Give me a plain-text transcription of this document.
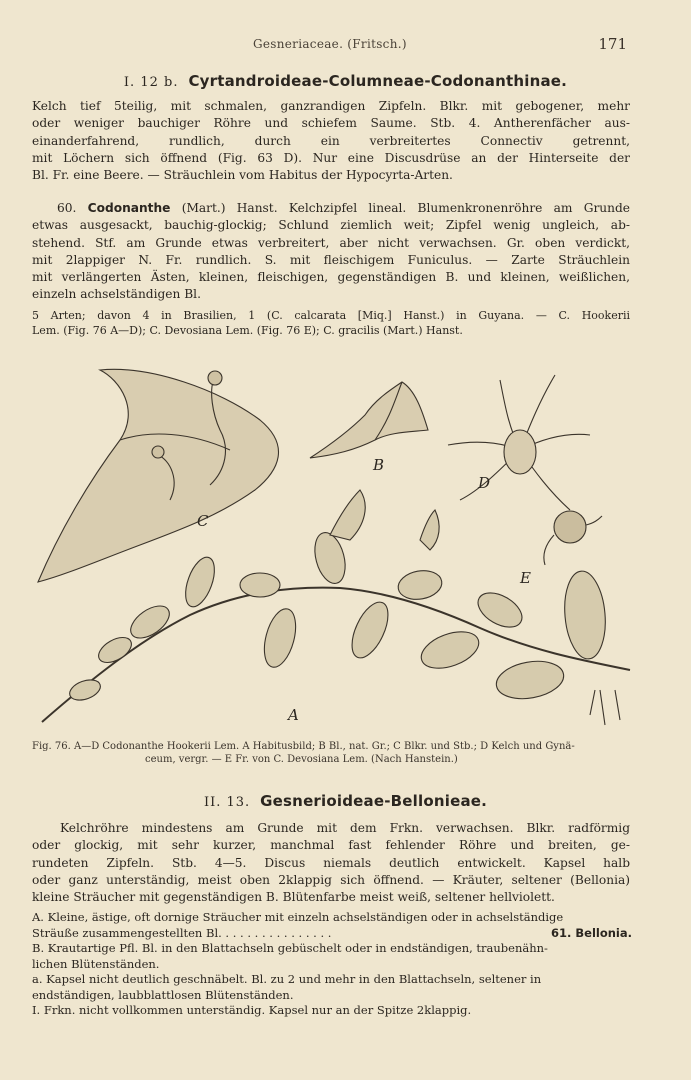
Gesneriaceae. (Fritsch.)	171
I. 12 b. Cyrtandroideae-Columneae-Codonanthinae.
Kelch tief 5teilig, mit schmalen, ganzrandigen Zipfeln. Blkr. mit gebogener, mehr
oder weniger bauchiger Röhre und schiefem Saume. Stb. 4. Antherenfächer aus-
einanderfahrend, rundlich, durch ein verbreitertes Connectiv getrennt,
mit Löchern sich öffnend (Fig. 63 D). Nur eine Discusdrüse an der Hinterseite der
Bl. Fr. eine Beere. — Sträuchlein vom Habitus der Hypocyrta-Arten.
60. Codonanthe (Mart.) Hanst. Kelchzipfel lineal. Blumenkronenröhre am Grunde
etwas ausgesackt, bauchig-glockig; Schlund ziemlich weit; Zipfel wenig ungleich, ab-
stehend. Stf. am Grunde etwas verbreitert, aber nicht verwachsen. Gr. oben verdickt,
mit 2lappiger N. Fr. rundlich. S. mit fleischigem Funiculus. — Zarte Sträuchlein
mit verlängerten Ästen, kleinen, fleischigen, gegenständigen B. und kleinen, weißlichen,
einzeln achselständigen Bl.
5 Arten; davon 4 in Brasilien, 1 (C. calcarata [Miq.] Hanst.) in Guyana. — C. Hookerii
Lem. (Fig. 76 A—D); C. Devosiana Lem. (Fig. 76 E); C. gracilis (Mart.) Hanst.
C
B
D
E
A
Fig. 76. A—D Codonanthe Hookerii Lem. A Habitusbild; B Bl., nat. Gr.; C Blkr. und Stb.; D Kelch und Gynä-
ceum, vergr. — E Fr. von C. Devosiana Lem. (Nach Hanstein.)
II. 13. Gesnerioideae-Bellonieae.
Kelchröhre mindestens am Grunde mit dem Frkn. verwachsen. Blkr. radförmig
oder glockig, mit sehr kurzer, manchmal fast fehlender Röhre und breiten, ge-
rundeten Zipfeln. Stb. 4—5. Discus niemals deutlich entwickelt. Kapsel halb
oder ganz unterständig, meist oben 2klappig sich öffnend. — Kräuter, seltener (Bellonia)
kleine Sträucher mit gegenständigen B. Blütenfarbe meist weiß, seltener hellviolett.
A. Kleine, ästige, oft dornige Sträucher mit einzeln achselständigen oder in achselständige
Sträuße zusammengestellten Bl. . . . . . . . . . . . . . . .	61. Bellonia.
B. Krautartige Pfl. Bl. in den Blattachseln gebüschelt oder in endständigen, traubenähn-
lichen Blütenständen.
a. Kapsel nicht deutlich geschnäbelt. Bl. zu 2 und mehr in den Blattachseln, seltener in
endständigen, laubblattlosen Blütenständen.
I. Frkn. nicht vollkommen unterständig. Kapsel nur an der Spitze 2klappig.
